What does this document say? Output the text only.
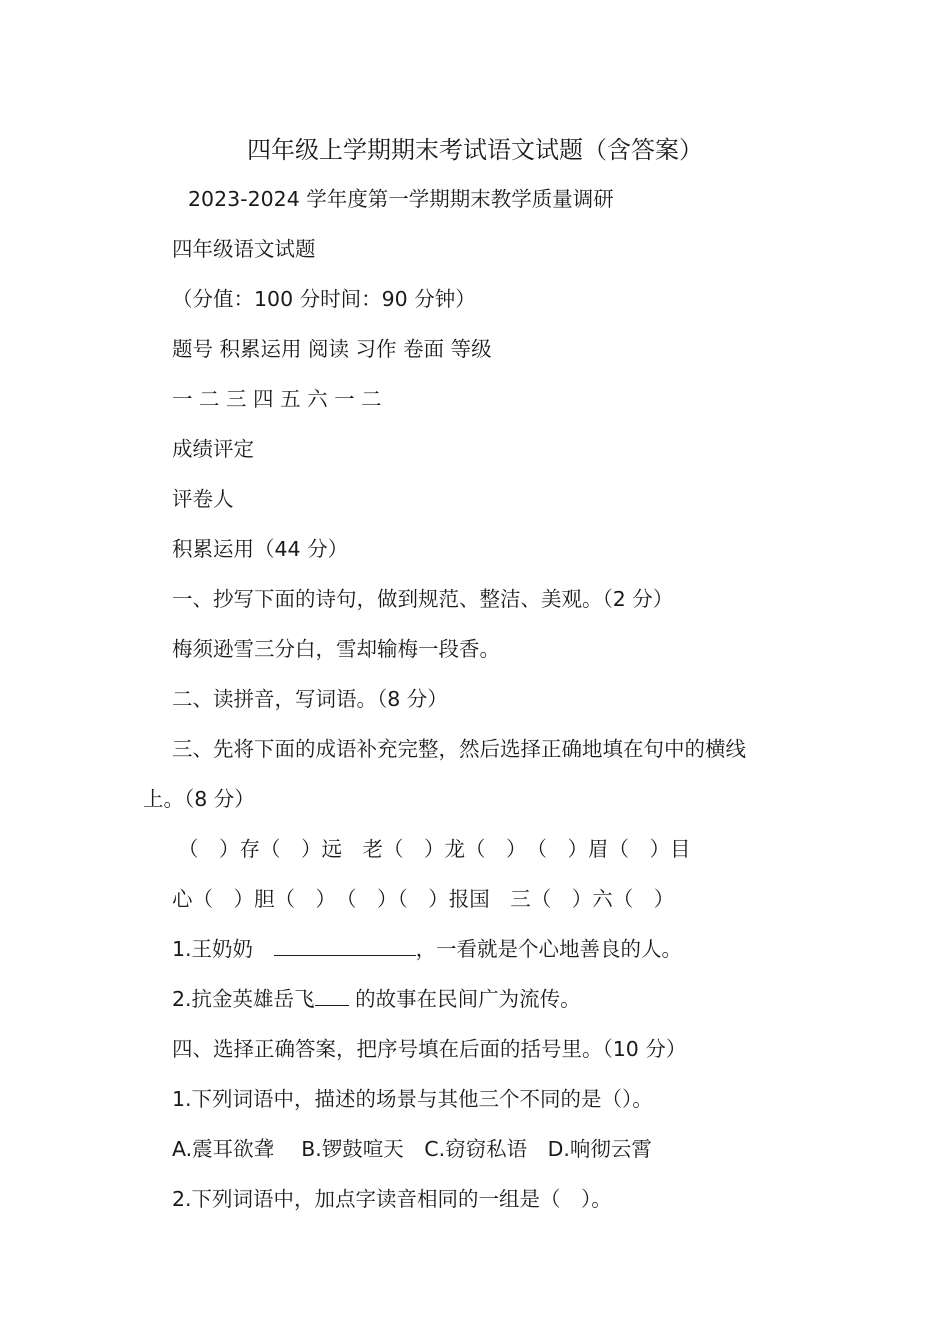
四年级上学期期末考试语文试题（含答案）
2023-2024 学年度第一学期期末教学质量调研
四年级语文试题
（分值：100 分时间：90 分钟）
题号 积累运用 阅读 习作 卷面 等级
一 二 三 四 五 六 一 二
成绩评定
评卷人
积累运用（44 分）
一、抄写下面的诗句，做到规范、整洁、美观。（2 分）
梅须逊雪三分白，雪却输梅一段香。
二、读拼音，写词语。（8 分）
三、先将下面的成语补充完整，然后选择正确地填在句中的横线
上。（8 分）
（　）存（　）远　老（　）龙（　）　（　）眉（　）目
心（　）胆（　）　（　）（　）报国　三（　）六（　）
1.王奶奶　	，一看就是个心地善良的人。
2.抗金英雄岳飞 的故事在民间广为流传。
四、选择正确答案，把序号填在后面的括号里。（10 分）
1.下列词语中，描述的场景与其他三个不同的是（）。
A.震耳欲聋　 B.锣鼓喧天　C.窃窃私语　D.响彻云霄
2.下列词语中，加点字读音相同的一组是（　）。
